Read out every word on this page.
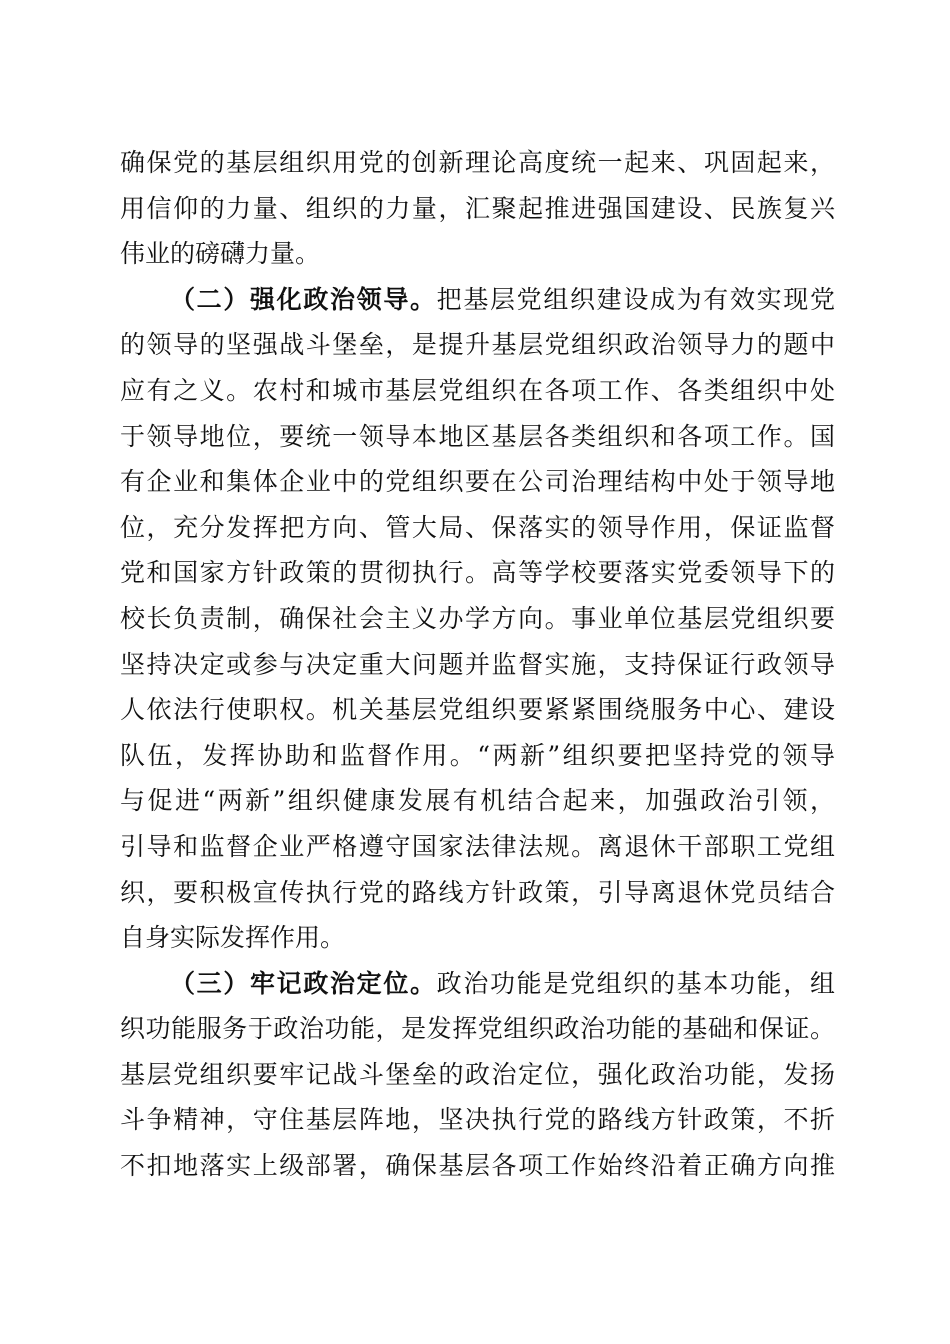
确保党的基层组织用党的创新理论高度统一起来、巩固起来，
用信仰的力量、组织的力量，汇聚起推进强国建设、民族复兴
伟业的磅礴力量。
（二）强化政治领导。把基层党组织建设成为有效实现党
的领导的坚强战斗堡垒，是提升基层党组织政治领导力的题中
应有之义。农村和城市基层党组织在各项工作、各类组织中处
于领导地位，要统一领导本地区基层各类组织和各项工作。国
有企业和集体企业中的党组织要在公司治理结构中处于领导地
位，充分发挥把方向、管大局、保落实的领导作用，保证监督
党和国家方针政策的贯彻执行。高等学校要落实党委领导下的
校长负责制，确保社会主义办学方向。事业单位基层党组织要
坚持决定或参与决定重大问题并监督实施，支持保证行政领导
人依法行使职权。机关基层党组织要紧紧围绕服务中心、建设
队伍，发挥协助和监督作用。“两新”组织要把坚持党的领导
与促进“两新”组织健康发展有机结合起来，加强政治引领，
引导和监督企业严格遵守国家法律法规。离退休干部职工党组
织，要积极宣传执行党的路线方针政策，引导离退休党员结合
自身实际发挥作用。
（三）牢记政治定位。政治功能是党组织的基本功能，组
织功能服务于政治功能，是发挥党组织政治功能的基础和保证。
基层党组织要牢记战斗堡垒的政治定位，强化政治功能，发扬
斗争精神，守住基层阵地，坚决执行党的路线方针政策，不折
不扣地落实上级部署，确保基层各项工作始终沿着正确方向推
